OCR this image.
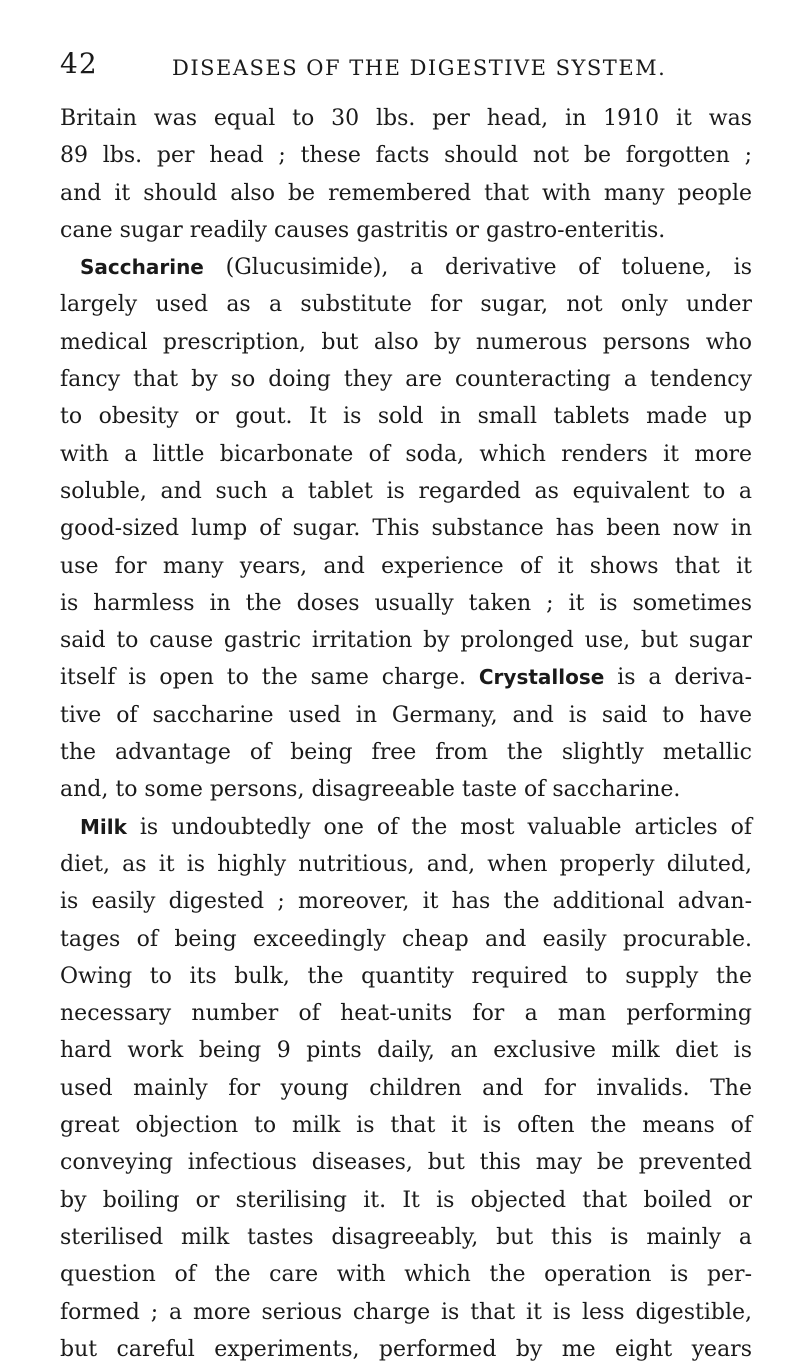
42	DISEASES OF THE DIGESTIVE SYSTEM.
Britain was equal to 30 lbs. per head, in 1910 it was
89 lbs. per head ; these facts should not be forgotten ;
and it should also be remembered that with many people
cane sugar readily causes gastritis or gastro-enteritis.
Saccharine (Glucusimide), a derivative of toluene, is
largely used as a substitute for sugar, not only under
medical prescription, but also by numerous persons who
fancy that by so doing they are counteracting a tendency
to obesity or gout. It is sold in small tablets made up
with a little bicarbonate of soda, which renders it more
soluble, and such a tablet is regarded as equivalent to a
good-sized lump of sugar. This substance has been now in
use for many years, and experience of it shows that it
is harmless in the doses usually taken ; it is sometimes
said to cause gastric irritation by prolonged use, but sugar
itself is open to the same charge. Crystallose is a deriva-
tive of saccharine used in Germany, and is said to have
the advantage of being free from the slightly metallic
and, to some persons, disagreeable taste of saccharine.
Milk is undoubtedly one of the most valuable articles of
diet, as it is highly nutritious, and, when properly diluted,
is easily digested ; moreover, it has the additional advan-
tages of being exceedingly cheap and easily procurable.
Owing to its bulk, the quantity required to supply the
necessary number of heat-units for a man performing
hard work being 9 pints daily, an exclusive milk diet is
used mainly for young children and for invalids. The
great objection to milk is that it is often the means of
conveying infectious diseases, but this may be prevented
by boiling or sterilising it. It is objected that boiled or
sterilised milk tastes disagreeably, but this is mainly a
question of the care with which the operation is per-
formed ; a more serious charge is that it is less digestible,
but careful experiments, performed by me eight years
